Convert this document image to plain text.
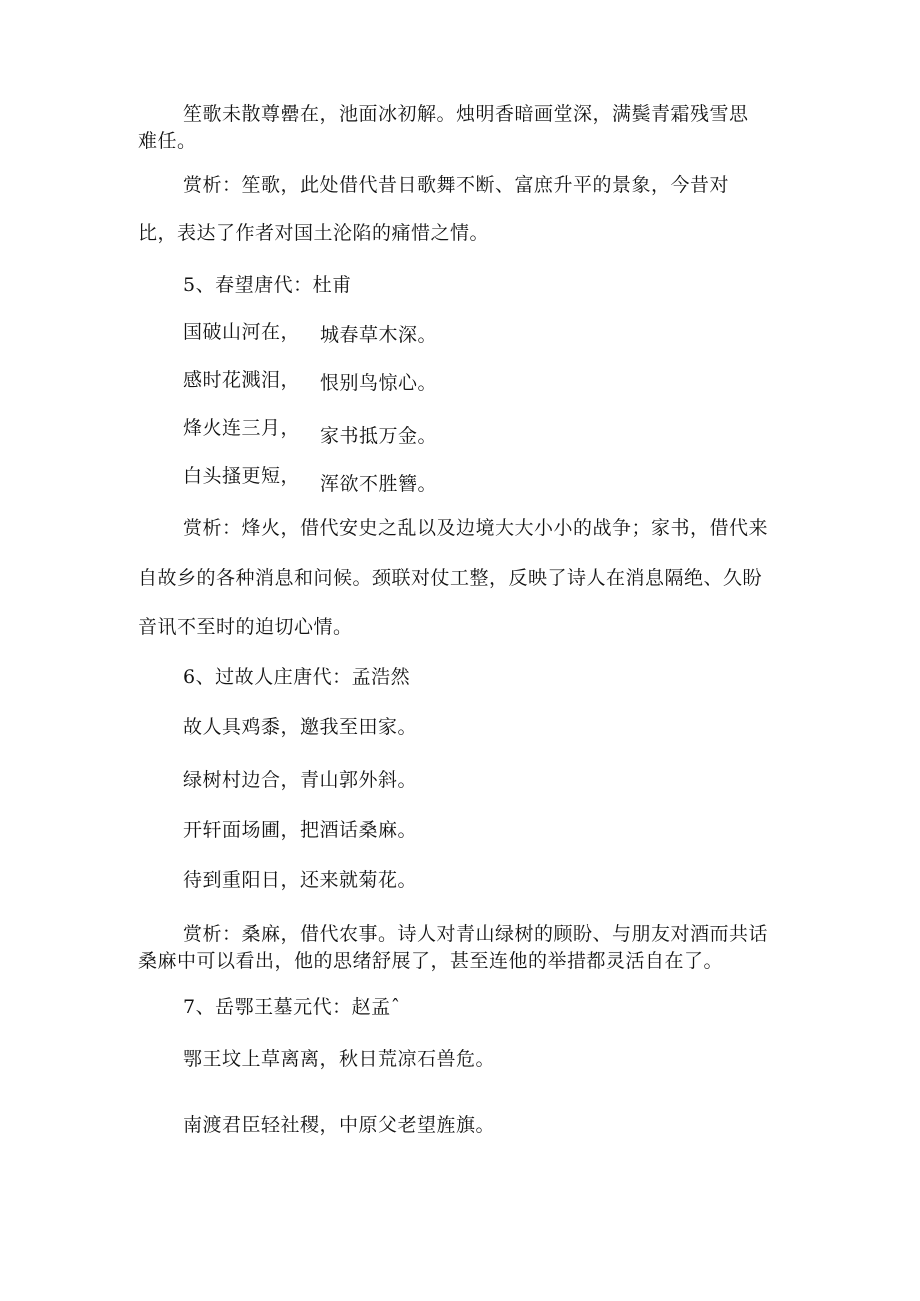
笙歌未散尊罍在，池面冰初解。烛明香暗画堂深，满鬓青霜残雪思
难任。
赏析：笙歌，此处借代昔日歌舞不断、富庶升平的景象，今昔对
比，表达了作者对国土沦陷的痛惜之情。
5、春望唐代：杜甫
国破山河在， 城春草木深。
感时花溅泪， 恨别鸟惊心。
烽火连三月， 家书抵万金。
白头搔更短， 浑欲不胜簪。
赏析：烽火，借代安史之乱以及边境大大小小的战争；家书，借代来
自故乡的各种消息和问候。颈联对仗工整，反映了诗人在消息隔绝、久盼
音讯不至时的迫切心情。
6、过故人庄唐代：孟浩然
故人具鸡黍，邀我至田家。
绿树村边合，青山郭外斜。
开轩面场圃，把酒话桑麻。
待到重阳日，还来就菊花。
赏析：桑麻，借代农事。诗人对青山绿树的顾盼、与朋友对酒而共话
桑麻中可以看出，他的思绪舒展了，甚至连他的举措都灵活自在了。
7、岳鄂王墓元代：赵孟ˆ
鄂王坟上草离离，秋日荒凉石兽危。
南渡君臣轻社稷，中原父老望旌旗。
